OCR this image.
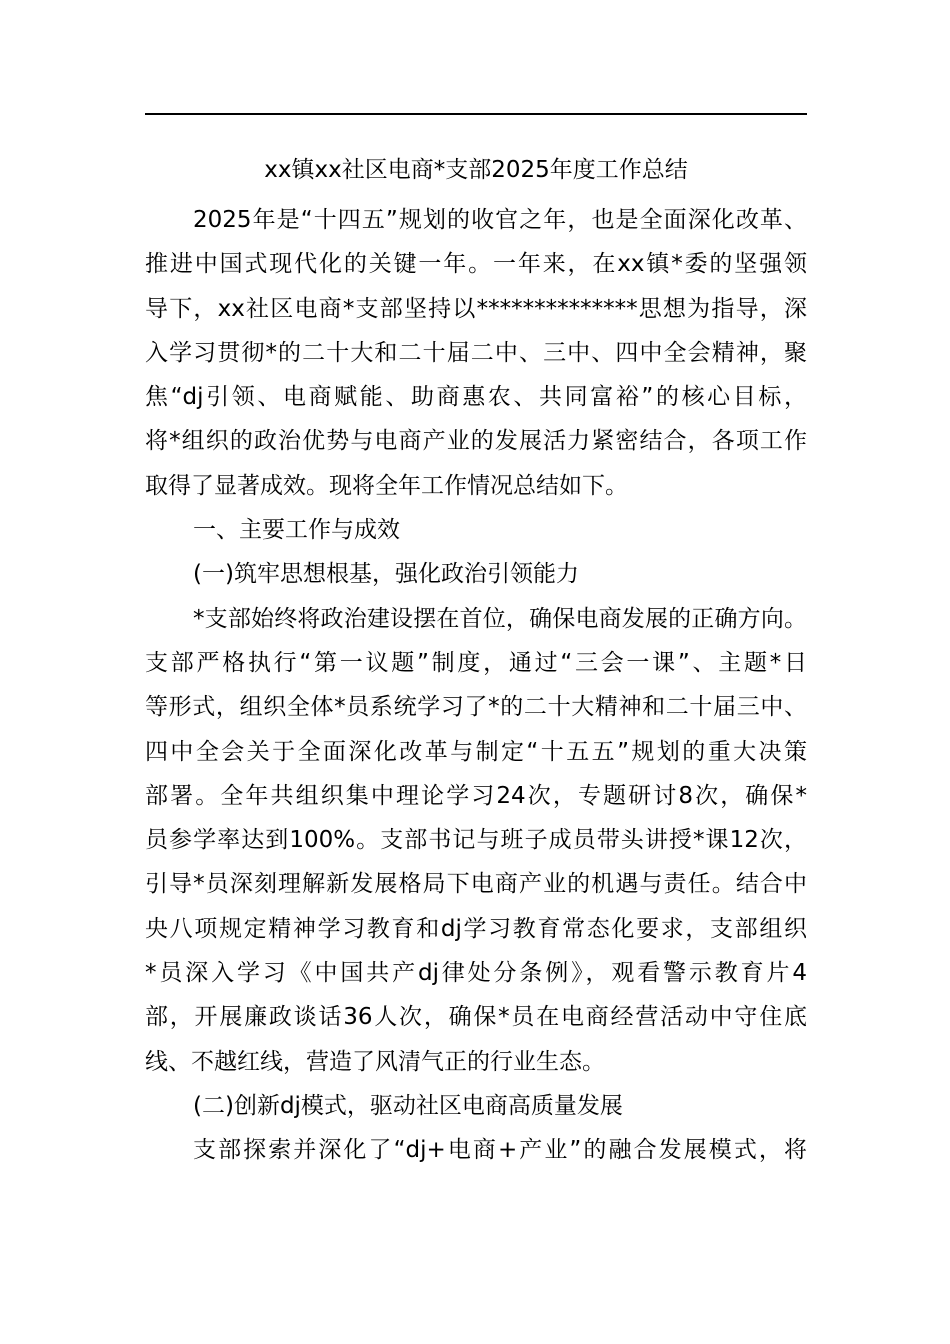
xx镇xx社区电商*支部2025年度工作总结
2025年是“十四五”规划的收官之年，也是全面深化改革、
推进中国式现代化的关键一年。一年来，在xx镇*委的坚强领
导下，xx社区电商*支部坚持以**************思想为指导，深
入学习贯彻*的二十大和二十届二中、三中、四中全会精神，聚
焦“dj引领、电商赋能、助商惠农、共同富裕”的核心目标，
将*组织的政治优势与电商产业的发展活力紧密结合，各项工作
取得了显著成效。现将全年工作情况总结如下。
一、主要工作与成效
(一)筑牢思想根基，强化政治引领能力
*支部始终将政治建设摆在首位，确保电商发展的正确方向。
支部严格执行“第一议题”制度，通过“三会一课”、主题*日
等形式，组织全体*员系统学习了*的二十大精神和二十届三中、
四中全会关于全面深化改革与制定“十五五”规划的重大决策
部署。全年共组织集中理论学习24次，专题研讨8次，确保*
员参学率达到100%。支部书记与班子成员带头讲授*课12次，
引导*员深刻理解新发展格局下电商产业的机遇与责任。结合中
央八项规定精神学习教育和dj学习教育常态化要求，支部组织
*员深入学习《中国共产dj律处分条例》，观看警示教育片4
部，开展廉政谈话36人次，确保*员在电商经营活动中守住底
线、不越红线，营造了风清气正的行业生态。
(二)创新dj模式，驱动社区电商高质量发展
支部探索并深化了“dj+电商+产业”的融合发展模式，将
